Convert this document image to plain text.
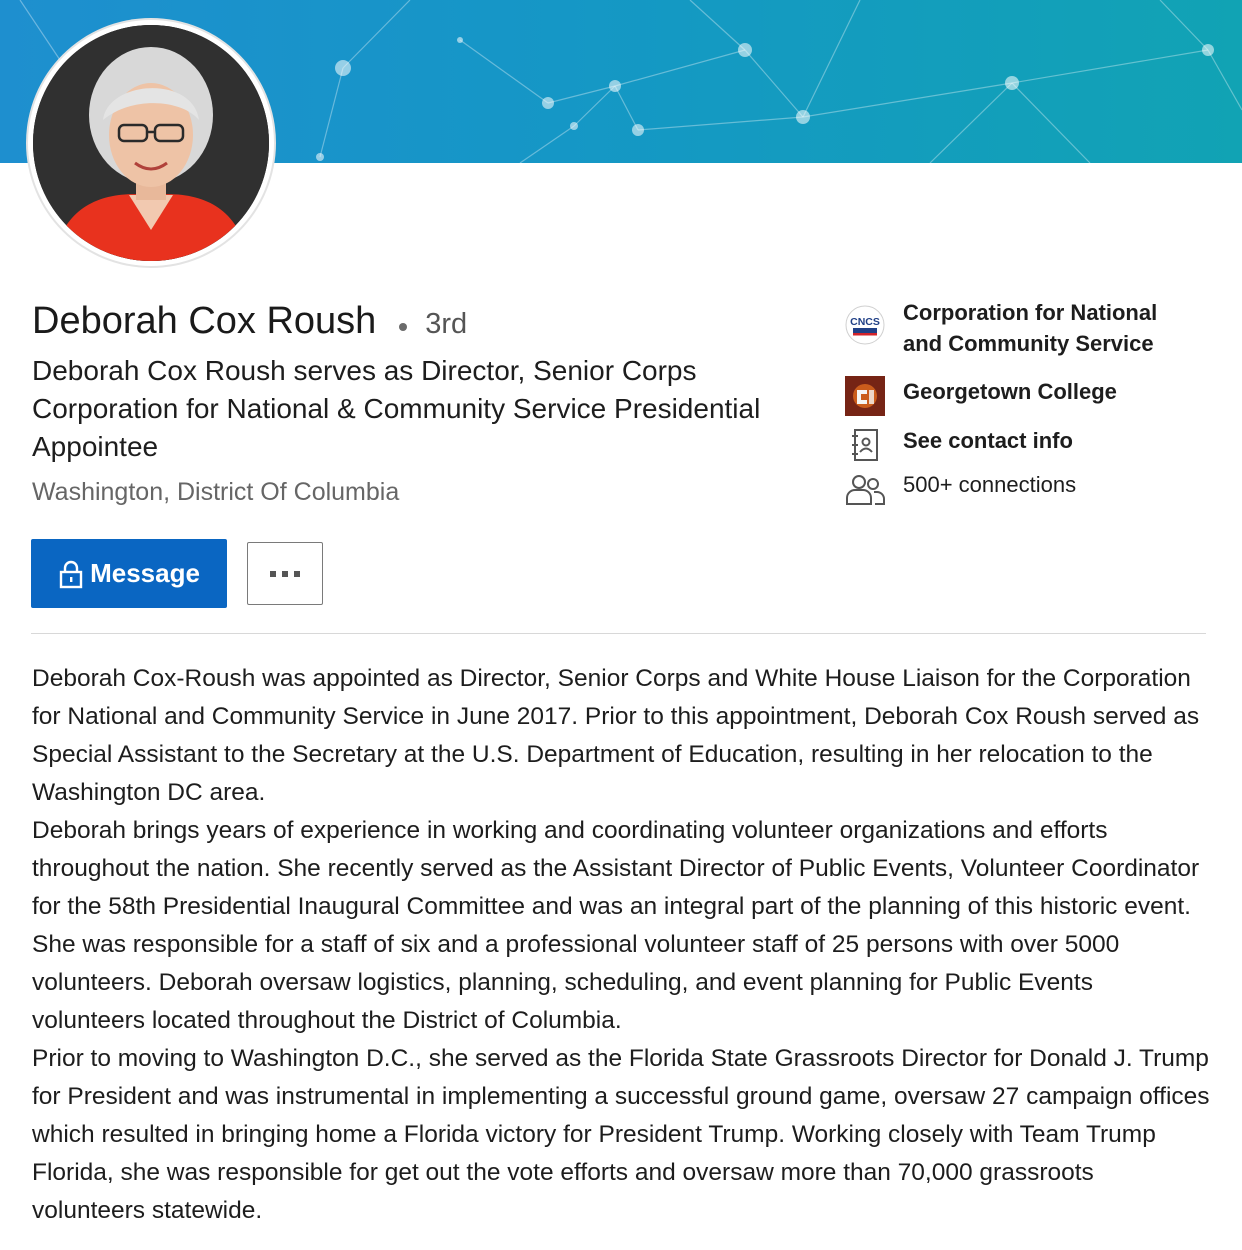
Deborah Cox Roush 3rd
Deborah Cox Roush serves as Director, Senior Corps Corporation for National & Community Service Presidential Appointee
Washington, District Of Columbia
Message
CNCS Corporation for National and Community Service
Georgetown College
See contact info
500+ connections

Deborah Cox-Roush was appointed as Director, Senior Corps and White House Liaison for the Corporation for National and Community Service in June 2017. Prior to this appointment, Deborah Cox Roush served as Special Assistant to the Secretary at the U.S. Department of Education, resulting in her relocation to the Washington DC area.

Deborah brings years of experience in working and coordinating volunteer organizations and efforts throughout the nation. She recently served as the Assistant Director of Public Events, Volunteer Coordinator for the 58th Presidential Inaugural Committee and was an integral part of the planning of this historic event. She was responsible for a staff of six and a professional volunteer staff of 25 persons with over 5000 volunteers. Deborah oversaw logistics, planning, scheduling, and event planning for Public Events volunteers located throughout the District of Columbia.

Prior to moving to Washington D.C., she served as the Florida State Grassroots Director for Donald J. Trump for President and was instrumental in implementing a successful ground game, oversaw 27 campaign offices which resulted in bringing home a Florida victory for President Trump. Working closely with Team Trump Florida, she was responsible for get out the vote efforts and oversaw more than 70,000 grassroots volunteers statewide.
